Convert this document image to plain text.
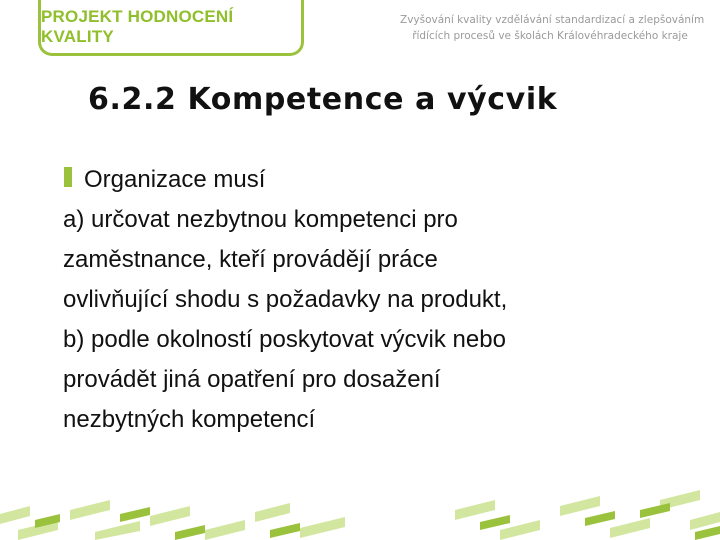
PROJEKT HODNOCENÍ KVALITY
Zvyšování kvality vzdělávání standardizací a zlepšováním
řídících procesů ve školách Královéhradeckého kraje
6.2.2 Kompetence a výcvik
Organizace musí
a) určovat nezbytnou kompetenci pro
zaměstnance, kteří provádějí práce
ovlivňující shodu s požadavky na produkt,
b) podle okolností poskytovat výcvik nebo
provádět jiná opatření pro dosažení
nezbytných kompetencí
